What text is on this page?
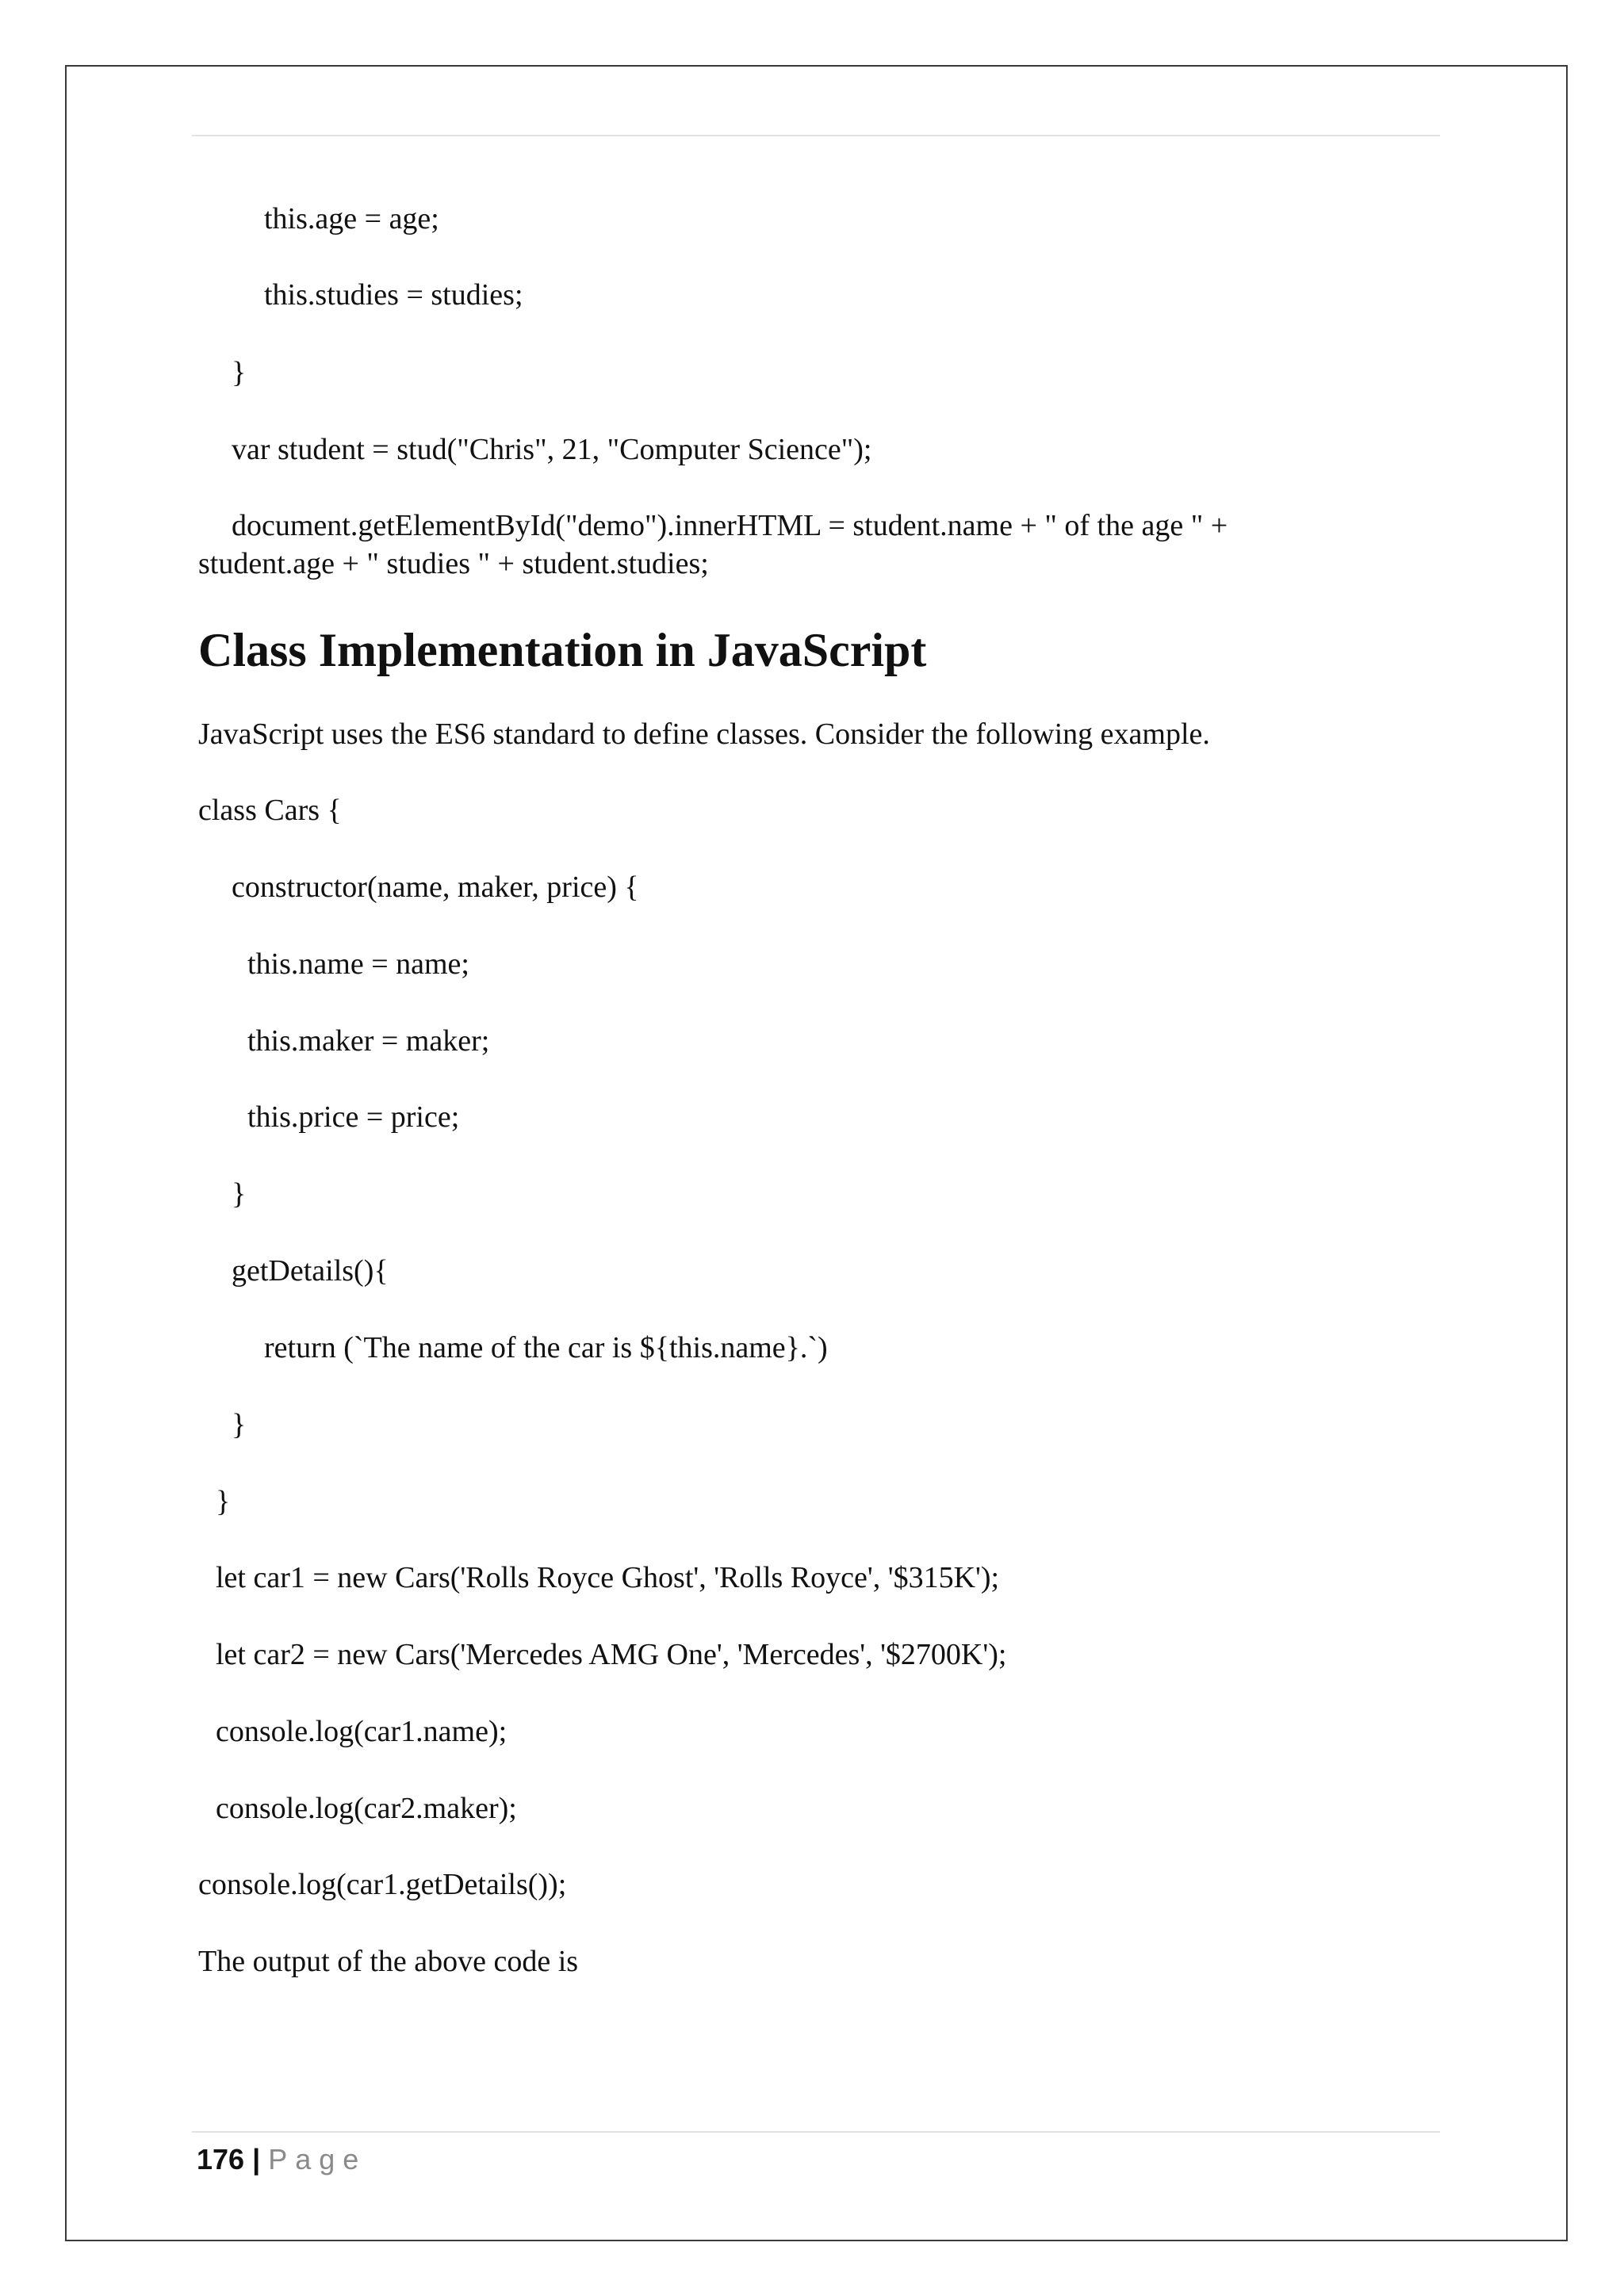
this.age = age;

this.studies = studies;

}

var student = stud("Chris", 21, "Computer Science");

document.getElementById("demo").innerHTML = student.name + " of the age " +

student.age + " studies " + student.studies;

Class Implementation in JavaScript

JavaScript uses the ES6 standard to define classes. Consider the following example.

class Cars {

constructor(name, maker, price) {

this.name = name;

this.maker = maker;

this.price = price;

}

getDetails(){

return (`The name of the car is ${this.name}.`)

}

}

let car1 = new Cars('Rolls Royce Ghost', 'Rolls Royce', '$315K');

let car2 = new Cars('Mercedes AMG One', 'Mercedes', '$2700K');

console.log(car1.name);

console.log(car2.maker);

console.log(car1.getDetails());

The output of the above code is

176 | Page
